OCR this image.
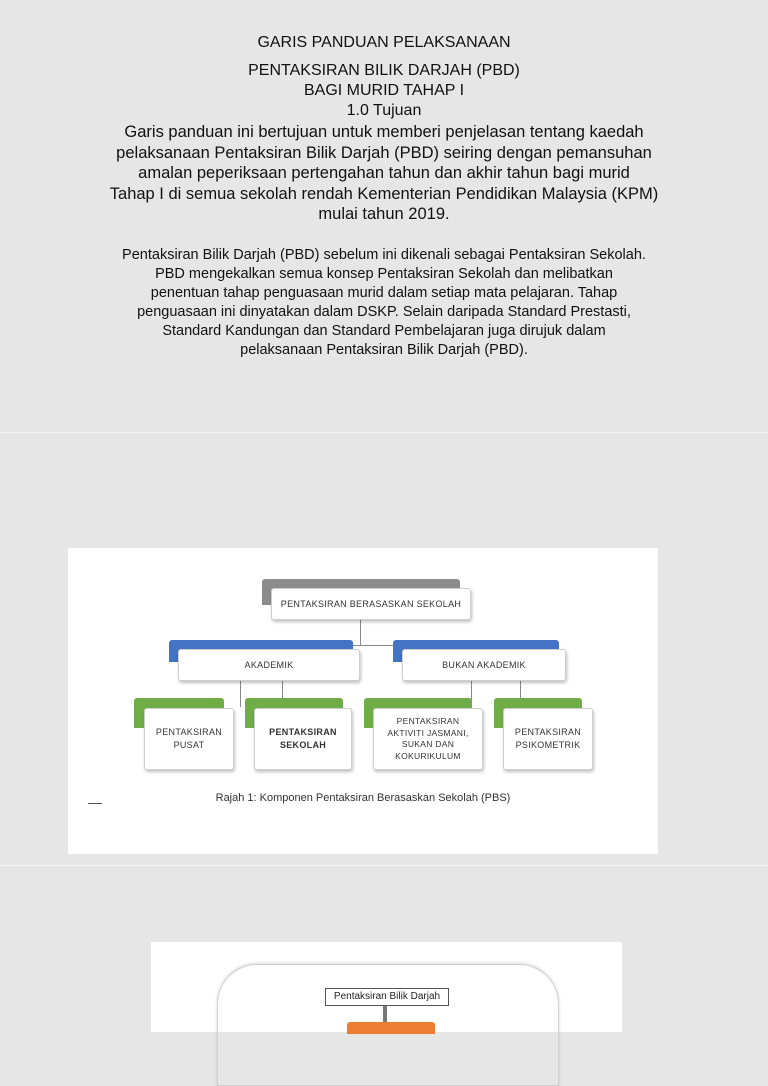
GARIS PANDUAN PELAKSANAAN
PENTAKSIRAN BILIK DARJAH (PBD)
BAGI MURID TAHAP I
1.0 Tujuan
Garis panduan ini bertujuan untuk memberi penjelasan tentang kaedah
pelaksanaan Pentaksiran Bilik Darjah (PBD) seiring dengan pemansuhan
amalan peperiksaan pertengahan tahun dan akhir tahun bagi murid
Tahap I di semua sekolah rendah Kementerian Pendidikan Malaysia (KPM)
mulai tahun 2019.
Pentaksiran Bilik Darjah (PBD) sebelum ini dikenali sebagai Pentaksiran Sekolah.
PBD mengekalkan semua konsep Pentaksiran Sekolah dan melibatkan
penentuan tahap penguasaan murid dalam setiap mata pelajaran. Tahap
penguasaan ini dinyatakan dalam DSKP. Selain daripada Standard Prestasti,
Standard Kandungan dan Standard Pembelajaran juga dirujuk dalam
pelaksanaan Pentaksiran Bilik Darjah (PBD).
PENTAKSIRAN BERASASKAN SEKOLAH
AKADEMIK	BUKAN AKADEMIK
PENTAKSIRAN PUSAT
PENTAKSIRAN SEKOLAH
PENTAKSIRAN AKTIVITI JASMANI, SUKAN DAN KOKURIKULUM
PENTAKSIRAN PSIKOMETRIK
Rajah 1: Komponen Pentaksiran Berasaskan Sekolah (PBS)
Pentaksiran Bilik Darjah
